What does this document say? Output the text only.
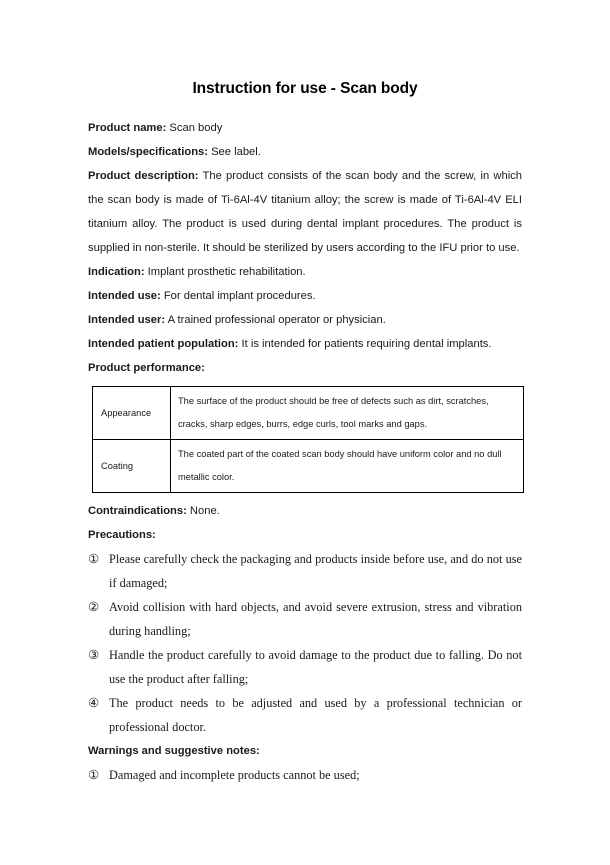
Instruction for use - Scan body

Product name: Scan body

Models/specifications: See label.

Product description: The product consists of the scan body and the screw, in which the scan body is made of Ti-6Al-4V titanium alloy; the screw is made of Ti-6Al-4V ELI titanium alloy. The product is used during dental implant procedures. The product is supplied in non-sterile. It should be sterilized by users according to the IFU prior to use.

Indication: Implant prosthetic rehabilitation.

Intended use: For dental implant procedures.

Intended user: A trained professional operator or physician.

Intended patient population: It is intended for patients requiring dental implants.

Product performance:

Appearance	The surface of the product should be free of defects such as dirt, scratches, cracks, sharp edges, burrs, edge curls, tool marks and gaps.
Coating	The coated part of the coated scan body should have uniform color and no dull metallic color.

Contraindications: None.

Precautions:

① Please carefully check the packaging and products inside before use, and do not use if damaged;
② Avoid collision with hard objects, and avoid severe extrusion, stress and vibration during handling;
③ Handle the product carefully to avoid damage to the product due to falling. Do not use the product after falling;
④ The product needs to be adjusted and used by a professional technician or professional doctor.

Warnings and suggestive notes:

① Damaged and incomplete products cannot be used;
